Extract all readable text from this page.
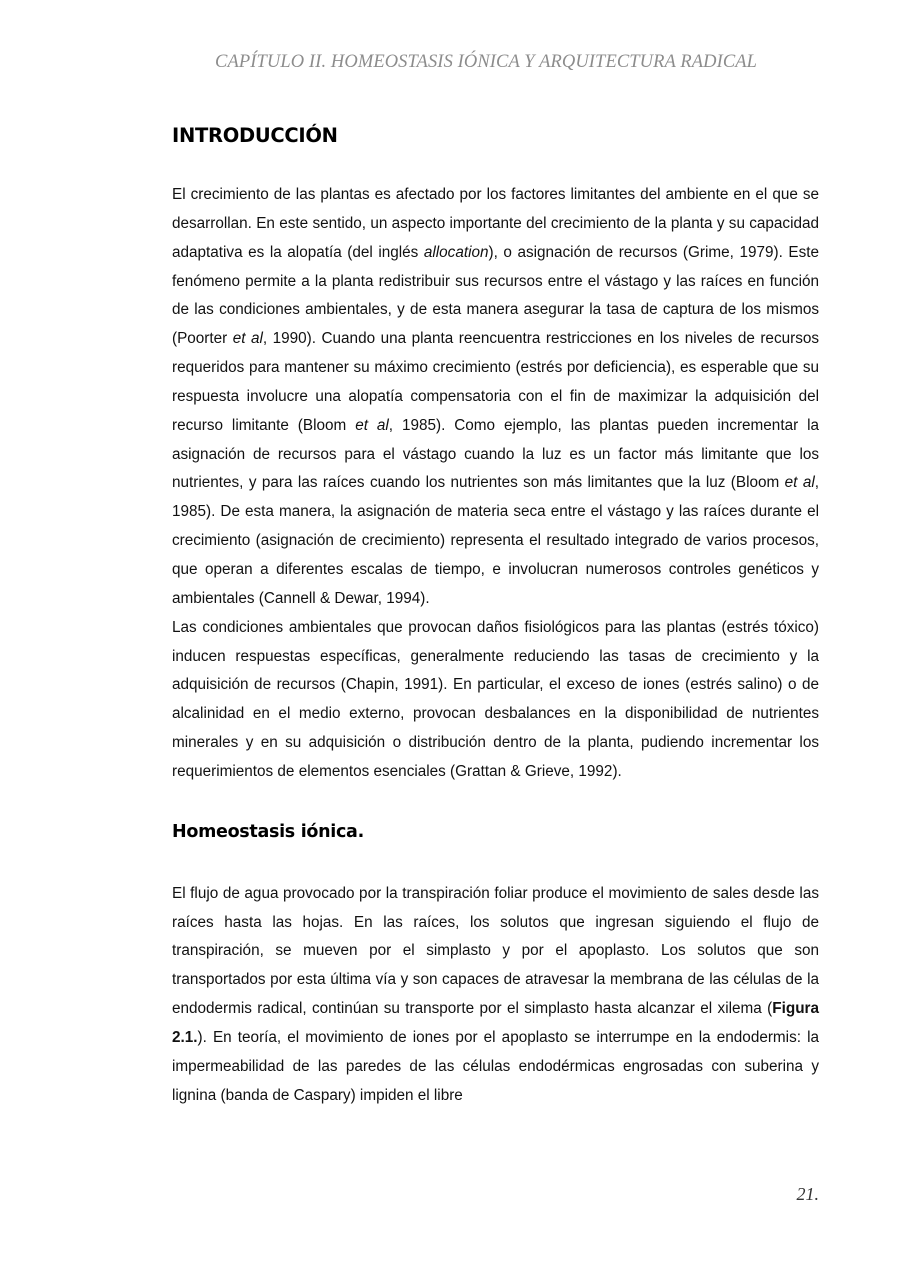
CAPÍTULO II. HOMEOSTASIS IÓNICA Y ARQUITECTURA RADICAL
INTRODUCCIÓN

El crecimiento de las plantas es afectado por los factores limitantes del ambiente en el que se desarrollan. En este sentido, un aspecto importante del crecimiento de la planta y su capacidad adaptativa es la alopatía (del inglés allocation), o asignación de recursos (Grime, 1979). Este fenómeno permite a la planta redistribuir sus recursos entre el vástago y las raíces en función de las condiciones ambientales, y de esta manera asegurar la tasa de captura de los mismos (Poorter et al, 1990). Cuando una planta reencuentra restricciones en los niveles de recursos requeridos para mantener su máximo crecimiento (estrés por deficiencia), es esperable que su respuesta involucre una alopatía compensatoria con el fin de maximizar la adquisición del recurso limitante (Bloom et al, 1985). Como ejemplo, las plantas pueden incrementar la asignación de recursos para el vástago cuando la luz es un factor más limitante que los nutrientes, y para las raíces cuando los nutrientes son más limitantes que la luz (Bloom et al, 1985). De esta manera, la asignación de materia seca entre el vástago y las raíces durante el crecimiento (asignación de crecimiento) representa el resultado integrado de varios procesos, que operan a diferentes escalas de tiempo, e involucran numerosos controles genéticos y ambientales (Cannell & Dewar, 1994).

Las condiciones ambientales que provocan daños fisiológicos para las plantas (estrés tóxico) inducen respuestas específicas, generalmente reduciendo las tasas de crecimiento y la adquisición de recursos (Chapin, 1991). En particular, el exceso de iones (estrés salino) o de alcalinidad en el medio externo, provocan desbalances en la disponibilidad de nutrientes minerales y en su adquisición o distribución dentro de la planta, pudiendo incrementar los requerimientos de elementos esenciales (Grattan & Grieve, 1992).

Homeostasis iónica.

El flujo de agua provocado por la transpiración foliar produce el movimiento de sales desde las raíces hasta las hojas. En las raíces, los solutos que ingresan siguiendo el flujo de transpiración, se mueven por el simplasto y por el apoplasto. Los solutos que son transportados por esta última vía y son capaces de atravesar la membrana de las células de la endodermis radical, continúan su transporte por el simplasto hasta alcanzar el xilema (Figura 2.1.). En teoría, el movimiento de iones por el apoplasto se interrumpe en la endodermis: la impermeabilidad de las paredes de las células endodérmicas engrosadas con suberina y lignina (banda de Caspary) impiden el libre

21.
